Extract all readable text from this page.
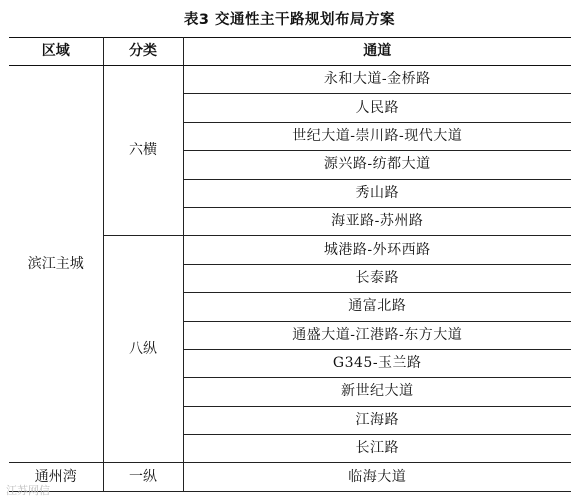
表3 交通性主干路规划布局方案
区域	分类	通道
滨江主城	六横	永和大道-金桥路
		人民路
		世纪大道-崇川路-现代大道
		源兴路-纺都大道
		秀山路
		海亚路-苏州路
	八纵	城港路-外环西路
		长泰路
		通富北路
		通盛大道-江港路-东方大道
		G345-玉兰路
		新世纪大道
		江海路
		长江路
通州湾	一纵	临海大道
江苏网信
